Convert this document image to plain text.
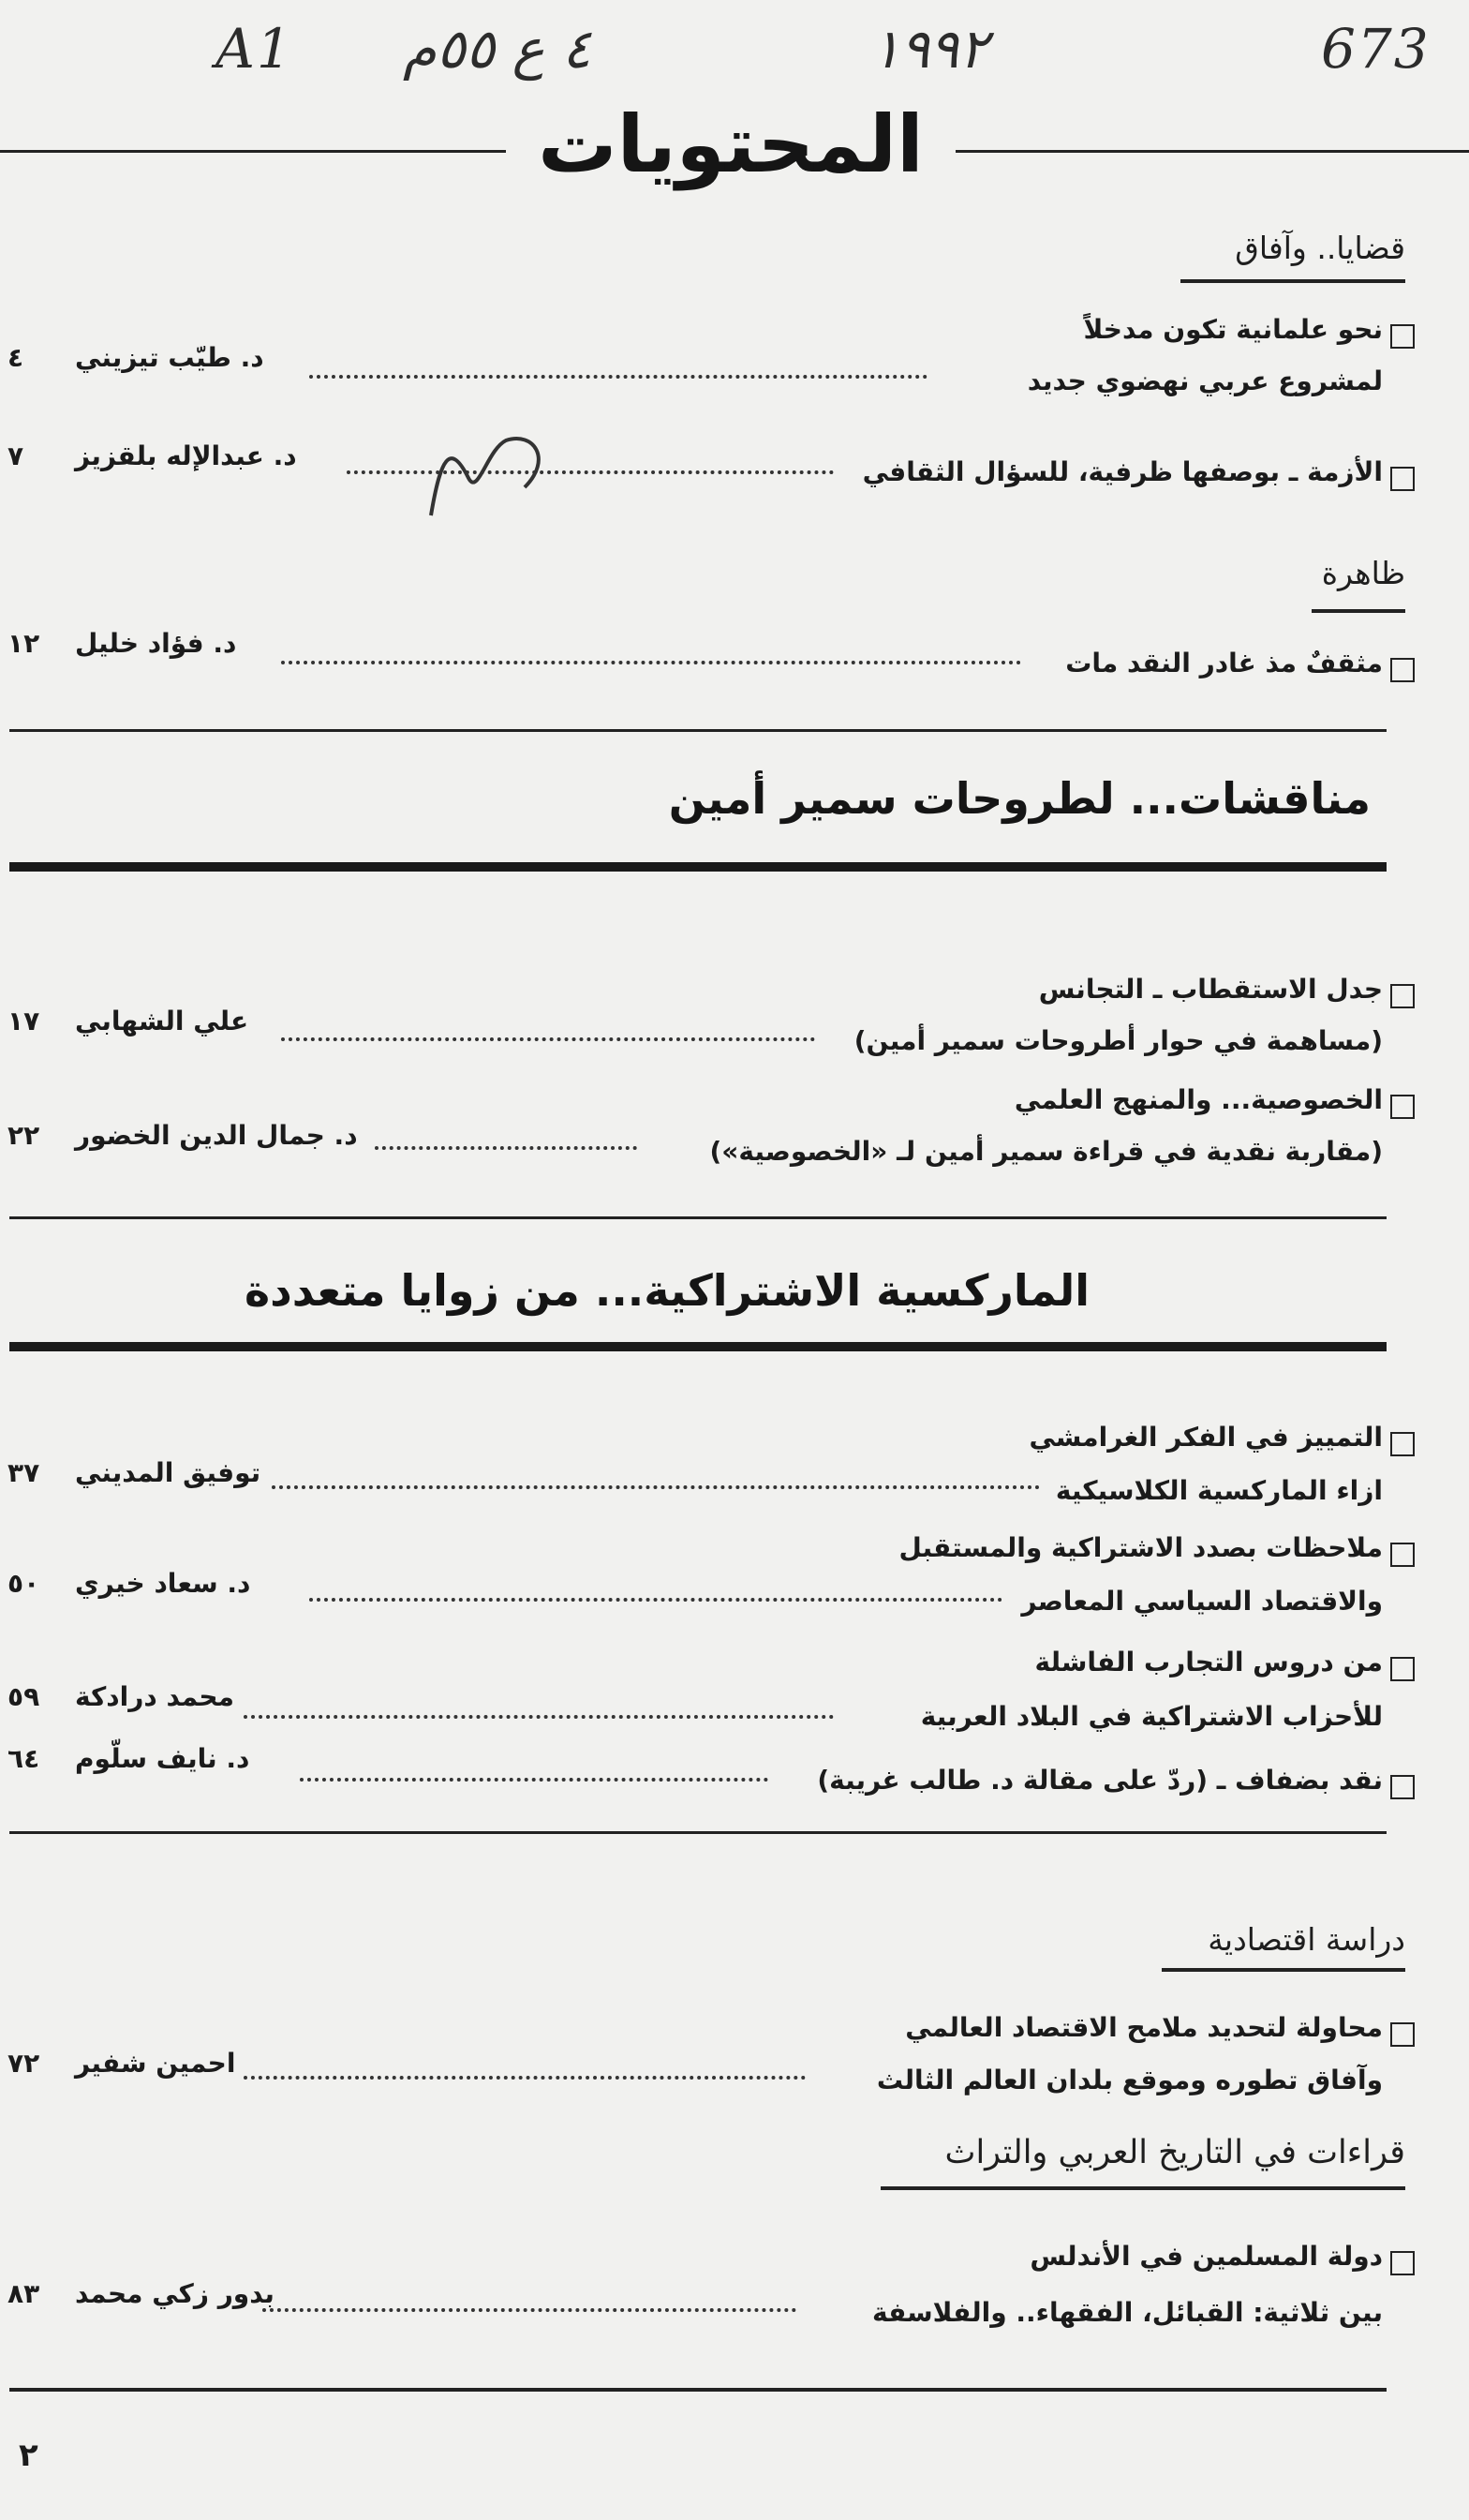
A1 ٤ ع ٥٥م	١٩٩٢	673
المحتويات
قضايا.. وآفاق
نحو علمانية تكون مدخلاً
لمشروع عربي نهضوي جديد
د. طيّب تيزيني
٤
الأزمة ـ بوصفها ظرفية، للسؤال الثقافي
د. عبدالإله بلقزيز
٧
ظاهرة
مثقفٌ مذ غادر النقد مات
د. فؤاد خليل
١٢
مناقشات... لطروحات سمير أمين
جدل الاستقطاب ـ التجانس
(مساهمة في حوار أطروحات سمير أمين)
علي الشهابي
١٧
الخصوصية... والمنهج العلمي
(مقاربة نقدية في قراءة سمير أمين لـ «الخصوصية»)
د. جمال الدين الخضور
٢٢
الماركسية الاشتراكية... من زوايا متعددة
التمييز في الفكر الغرامشي
ازاء الماركسية الكلاسيكية
توفيق المديني
٣٧
ملاحظات بصدد الاشتراكية والمستقبل
والاقتصاد السياسي المعاصر
د. سعاد خيري
٥٠
من دروس التجارب الفاشلة
للأحزاب الاشتراكية في البلاد العربية
محمد درادكة
٥٩
نقد بضفاف ـ (ردّ على مقالة د. طالب غريبة)
د. نايف سلّوم
٦٤
دراسة اقتصادية
محاولة لتحديد ملامح الاقتصاد العالمي
وآفاق تطوره وموقع بلدان العالم الثالث
احمين شفير
٧٢
قراءات في التاريخ العربي والتراث
دولة المسلمين في الأندلس
بين ثلاثية: القبائل، الفقهاء.. والفلاسفة
بدور زكي محمد
٨٣
٢
